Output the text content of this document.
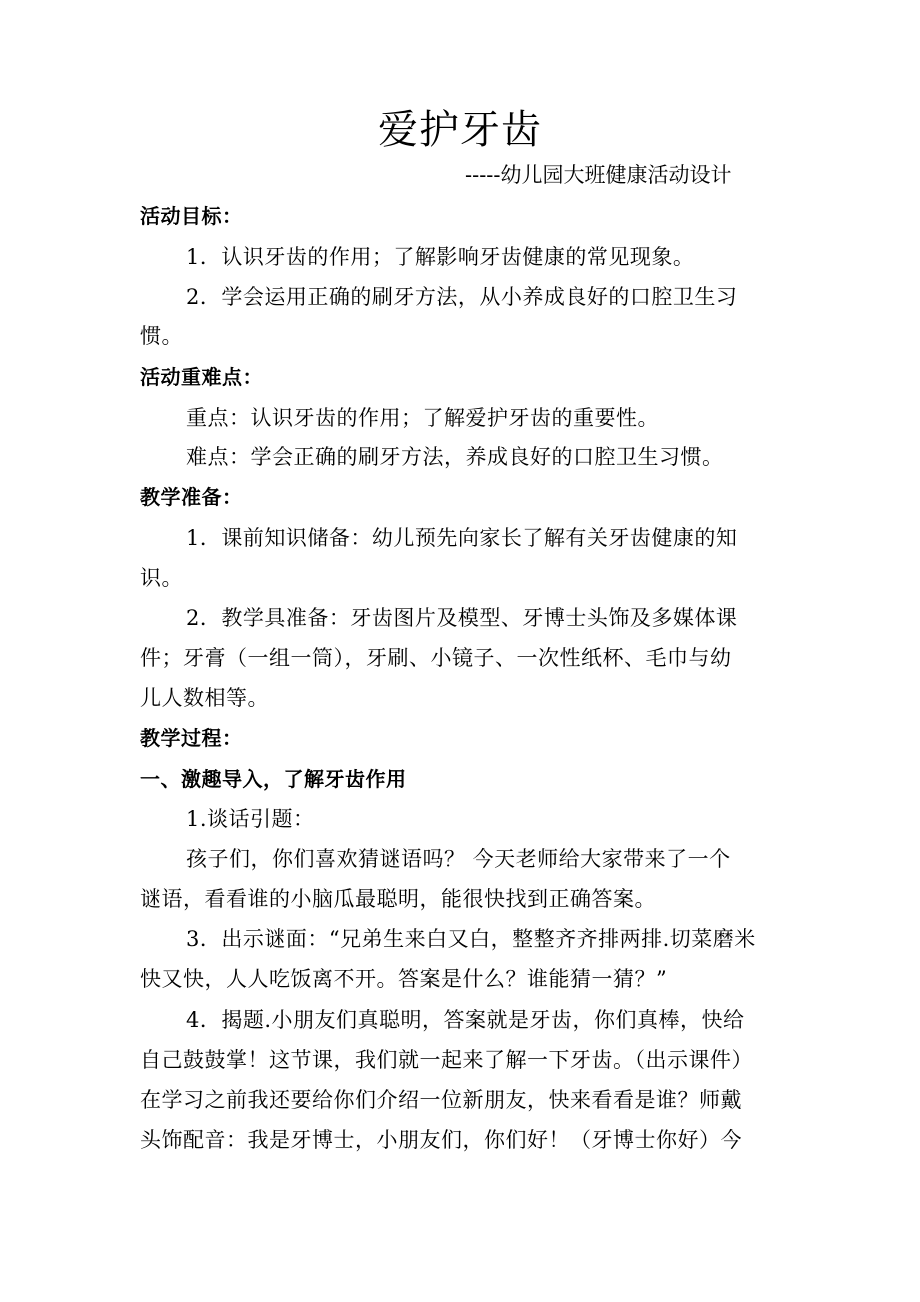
爱护牙齿
-----幼儿园大班健康活动设计
活动目标：
1．认识牙齿的作用；了解影响牙齿健康的常见现象。
2．学会运用正确的刷牙方法，从小养成良好的口腔卫生习
惯。
活动重难点：
重点：认识牙齿的作用；了解爱护牙齿的重要性。
难点：学会正确的刷牙方法，养成良好的口腔卫生习惯。
教学准备：
1．课前知识储备：幼儿预先向家长了解有关牙齿健康的知
识。
2．教学具准备：牙齿图片及模型、牙博士头饰及多媒体课
件；牙膏（一组一筒），牙刷、小镜子、一次性纸杯、毛巾与幼
儿人数相等。
教学过程：
一、激趣导入，了解牙齿作用
1.谈话引题：
孩子们，你们喜欢猜谜语吗？ 今天老师给大家带来了一个
谜语，看看谁的小脑瓜最聪明，能很快找到正确答案。
3．出示谜面：“兄弟生来白又白，整整齐齐排两排.切菜磨米
快又快，人人吃饭离不开。答案是什么？谁能猜一猜？”
4．揭题.小朋友们真聪明，答案就是牙齿，你们真棒，快给
自己鼓鼓掌！这节课，我们就一起来了解一下牙齿。（出示课件）
在学习之前我还要给你们介绍一位新朋友，快来看看是谁？师戴
头饰配音：我是牙博士，小朋友们，你们好！（牙博士你好）今
